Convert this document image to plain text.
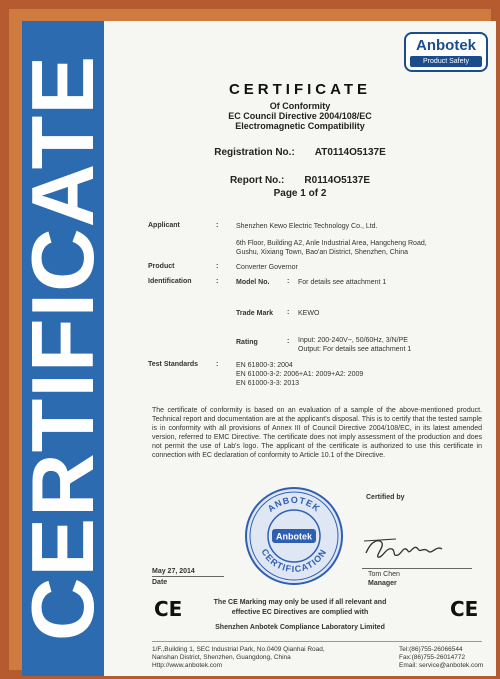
CERTIFICATE
Anbotek
Product Safety
CERTIFICATE
Of Conformity
EC Council Directive 2004/108/EC
Electromagnetic Compatibility
Registration No.: AT0114O5137E
Report No.: R0114O5137E
Page 1 of 2
Applicant	:	Shenzhen Kewo Electric Technology Co., Ltd.
6th Floor, Building A2, Anle Industrial Area, Hangcheng Road,
Gushu, Xixiang Town, Bao'an District, Shenzhen, China
Product	:	Converter Governor
Identification	:	Model No.	: For details see attachment 1
Trade Mark : KEWO
Rating	: Input: 200-240V~, 50/60Hz, 3/N/PE
Output: For details see attachment 1
Test Standards	:	EN 61800-3: 2004
EN 61000-3-2: 2006+A1: 2009+A2: 2009
EN 61000-3-3: 2013
The certificate of conformity is based on an evaluation of a sample of the above-mentioned product. Technical report and documentation are at the applicant's disposal. This is to certify that the tested sample is in conformity with all provisions of Annex III of Council Directive 2004/108/EC, in its latest amended version, referred to EMC Directive. The certificate does not imply assessment of the production and does not permit the use of Lab's logo. The applicant of the certificate is authorized to use this certificate in connection with EC declaration of conformity to Article 10.1 of the Directive.
Certified by
ANBOTEK
Anbotek
CERTIFICATION
May 27, 2014
Date
Tom Chen
Manager
CE	CE
The CE Marking may only be used if all relevant and
effective EC Directives are complied with
Shenzhen Anbotek Compliance Laboratory Limited
1/F.,Building 1, SEC Industrial Park, No.0409 Qianhai Road,
Nanshan District, Shenzhen, Guangdong, China
Http://www.anbotek.com
Tel:(86)755-26066544
Fax:(86)755-26014772
Email: service@anbotek.com
